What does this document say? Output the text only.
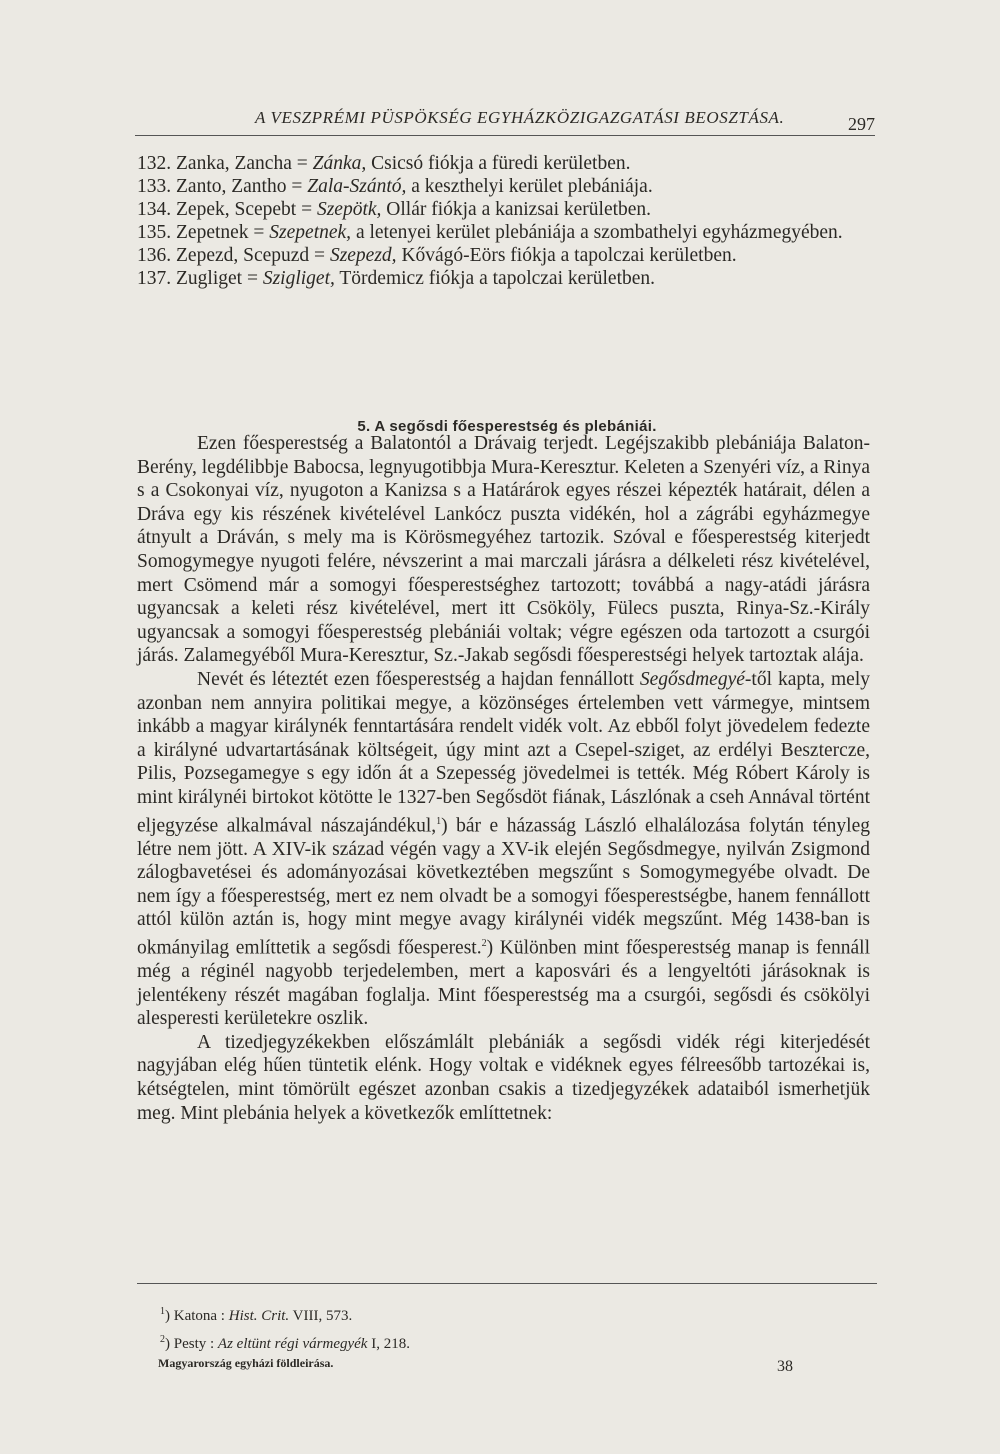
A VESZPRÉMI PÜSPÖKSÉG EGYHÁZKÖZIGAZGATÁSI BEOSZTÁSA.	297
132. Zanka, Zancha = Zánka, Csicsó fiókja a füredi kerületben.
133. Zanto, Zantho = Zala-Szántó, a keszthelyi kerület plebániája.
134. Zepek, Scepebt = Szepötk, Ollár fiókja a kanizsai kerületben.
135. Zepetnek = Szepetnek, a letenyei kerület plebániája a szombathelyi egyházmegyében.
136. Zepezd, Scepuzd = Szepezd, Kővágó-Eörs fiókja a tapolczai kerületben.
137. Zugliget = Szigliget, Tördemicz fiókja a tapolczai kerületben.
5. A segősdi főesperestség és plebániái.

Ezen főesperestség a Balatontól a Drávaig terjedt. Legéjszakibb plebániája Balaton-Berény, legdélibbje Babocsa, legnyugotibbja Mura-Keresztur. Keleten a Szenyéri víz, a Rinya s a Csokonyai víz, nyugoton a Kanizsa s a Határárok egyes részei képezték határait, délen a Dráva egy kis részének kivételével Lankócz puszta vidékén, hol a zágrábi egyházmegye átnyult a Dráván, s mely ma is Körösmegyéhez tartozik. Szóval e főesperestség kiterjedt Somogymegye nyugoti felére, névszerint a mai marczali járásra a délkeleti rész kivételével, mert Csömend már a somogyi főesperestséghez tartozott; továbbá a nagy-atádi járásra ugyancsak a keleti rész kivételével, mert itt Csököly, Fülecs puszta, Rinya-Sz.-Király ugyancsak a somogyi főesperestség plebániái voltak; végre egészen oda tartozott a csurgói járás. Zalamegyéből Mura-Keresztur, Sz.-Jakab segősdi főesperestségi helyek tartoztak alája.

Nevét és léteztét ezen főesperestség a hajdan fennállott Segősdmegyé-től kapta, mely azonban nem annyira politikai megye, a közönséges értelemben vett vármegye, mintsem inkább a magyar királynék fenntartására rendelt vidék volt. Az ebből folyt jövedelem fedezte a királyné udvartartásának költségeit, úgy mint azt a Csepel-sziget, az erdélyi Besztercze, Pilis, Pozsegamegye s egy időn át a Szepesség jövedelmei is tették. Még Róbert Károly is mint királynéi birtokot kötötte le 1327-ben Segősdöt fiának, Lászlónak a cseh Annával történt eljegyzése alkalmával nászajándékul,$^1$) bár e házasság László elhalálozása folytán tényleg létre nem jött. A XIV-ik század végén vagy a XV-ik elején Segősdmegye, nyilván Zsigmond zálogbavetései és adományozásai következtében megszűnt s Somogymegyébe olvadt. De nem így a főesperestség, mert ez nem olvadt be a somogyi főesperestségbe, hanem fennállott attól külön aztán is, hogy mint megye avagy királynéi vidék megszűnt. Még 1438-ban is okmányilag említtetik a segősdi főesperest.$^2$) Különben mint főesperestség manap is fennáll még a réginél nagyobb terjedelemben, mert a kaposvári és a lengyeltóti járásoknak is jelentékeny részét magában foglalja. Mint főesperestség ma a csurgói, segősdi és csökölyi alesperesti kerületekre oszlik.

A tizedjegyzékekben előszámlált plebániák a segősdi vidék régi kiterjedését nagyjában elég hűen tüntetik elénk. Hogy voltak e vidéknek egyes félreesőbb tartozékai is, kétségtelen, mint tömörült egészet azonban csakis a tizedjegyzékek adataiból ismerhetjük meg. Mint plebánia helyek a következők említtetnek:

$^1$) Katona : Hist. Crit. VIII, 573.

$^2$) Pesty : Az eltünt régi vármegyék I, 218.

Magyarország egyházi földleirása.	38
